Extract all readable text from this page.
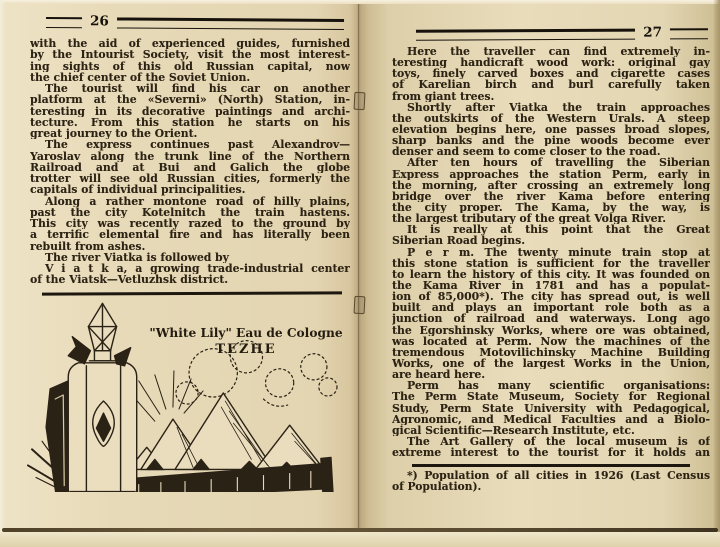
26
with the aid of experienced guides, furnished
by the Intourist Society, visit the most interest-
ing sights of this old Russian capital, now
the chief center of the Soviet Union.
The tourist will find his car on another
platform at the «Severni» (North) Station, in-
teresting in its decorative paintings and archi-
tecture. From this station he starts on his
great journey to the Orient.
The express continues past Alexandrov—
Yaroslav along the trunk line of the Northern
Railroad and at Bui and Galich the globe
trotter will see old Russian cities, formerly the
capitals of individual principalities.
Along a rather montone road of hilly plains,
past the city Kotelnitch the train hastens.
This city was recently razed to the ground by
a terrific elemental fire and has literally been
rebuilt from ashes.
The river Viatka is followed by
V i a t k a, a growing trade-industrial center
of the Viatsk—Vetluzhsk district.
"White Lily" Eau de Cologne
TEZHE
27
Here the traveller can find extremely in-
teresting handicraft wood work: original gay
toys, finely carved boxes and cigarette cases
of Karelian birch and burl carefully taken
from giant trees.
Shortly after Viatka the train approaches
the outskirts of the Western Urals. A steep
elevation begins here, one passes broad slopes,
sharp banks and the pine woods become ever
denser and seem to come closer to the road.
After ten hours of travelling the Siberian
Express approaches the station Perm, early in
the morning, after crossing an extremely long
bridge over the river Kama before entering
the city proper. The Kama, by the way, is
the largest tributary of the great Volga River.
It is really at this point that the Great
Siberian Road begins.
P e r m. The twenty minute train stop at
this stone station is sufficient for the traveller
to learn the history of this city. It was founded on
the Kama River in 1781 and has a populat-
ion of 85,000*). The city has spread out, is well
built and plays an important role both as a
junction of railroad and waterways. Long ago
the Egorshinsky Works, where ore was obtained,
was located at Perm. Now the machines of the
tremendous Motovilichinsky Machine Building
Works, one of the largest Works in the Union,
are heard here.
Perm has many scientific organisations:
The Perm State Museum, Society for Regional
Study, Perm State University with Pedagogical,
Agronomic, and Medical Faculties and a Biolo-
gical Scientific—Research Institute, etc.
The Art Gallery of the local museum is of
extreme interest to the tourist for it holds an
*) Population of all cities in 1926 (Last Census
of Population).
